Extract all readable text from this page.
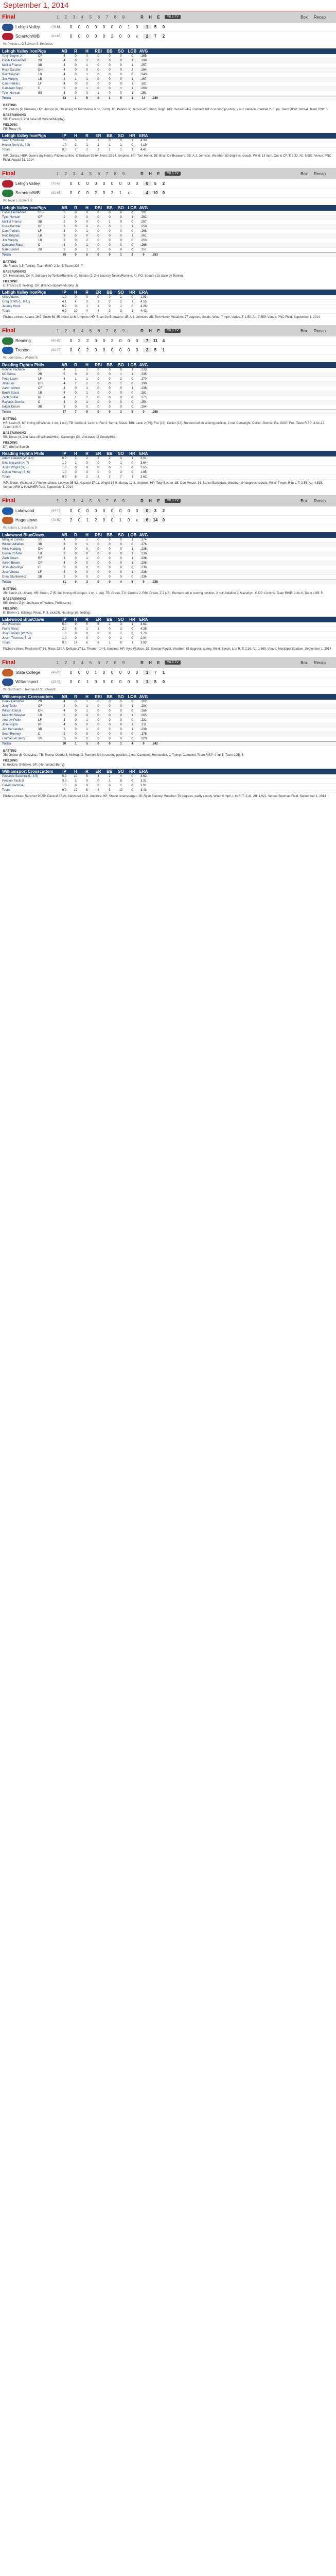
September 1, 2014
Final	1	2	3	4	5	6	7	8	9	R	H	E	MiLB.TV	Box Recap
Lehigh Valley	(76-68)	0	0	0	0	0	0	0	1	0	1	5	0
Scranton/WB	(81-63)	0	0	0	0	0	2	0	0	x	2	7	2
W: Pineda L: O'Sullivan S: Betances
Lehigh Valley IronPigs	AB	R	H	RBI	BB	SO LOB AVG
Tony Gwynn Jr.	CF	4	0	0	0	0	0	0	.265
Cesar Hernandez	2B	4	0	1	0	0	0	1	.290
Maikel Franco	3B	4	0	1	0	0	0	1	.257
Russ Canzler	DH	4	0	0	0	0	0	2	.254
Reid Brignac	1B	4	0	1	0	0	0	0	.243
Jim Murphy	1B	4	1	1	0	0	0	1	.267
Cam Perkins	LF	4	0	0	0	0	0	1	.281
Cameron Rupp	C	3	0	1	0	0	1	1	.260
Tyler Henson	SS	3	0	0	1	0	0	1	.251
Totals	33	1	5	0	1	5	1	14	.249
BATTING
2B: Perkins (9, Burawa). HR: Henson (6, 6th inning off Rumbelow, 0 on, 0 out). TB: Perkins 3; Henson 4; Franco; Rupp. RBI: Henson (45). Runners left in scoring position, 2 out: Henson; Canzler 2; Rupp. Team RISP: 0-for-4. Team LOB: 5
BASERUNNING
SB: Franco (2, 2nd base off Moreno/Murphy).
FIELDING
PB: Rupp (4).
Lehigh Valley IronPigs	IP	H	R	ER	BB	SO	HR ERA
Sean O'Sullivan	7.0	5	1	1	0	0	1	4.30
Hector Neris (L, 4-3)	1.0	2	1	1	1	1	0	4.19
Totals	8.0	7	2	2	1	1	1	4.41
WP: Garcia. HBP: Guerra (by Neris). Pitches-strikes: O'Sullivan 95-64, Neris 23-14. Umpires: HP: Tom Honer. 1B: Brian De Brauwere. 3B: A.J. Johnson. Weather: 82 degrees, clouds. Wind: 13 mph, Out to CF. T: 2:32. Att: 8,582. Venue: PNC Field. August 31, 2014
Final	1	2	3	4	5	6	7	8	9	R	H	E	MiLB.TV	Box Recap
Lehigh Valley	(76-69)	0	0	0	0	0	0	0	0	0	0	5	2
Scranton/WB	(82-63)	0	0	0	2	0	2	1	x	4	10	0
W: Tovar L: Bonetti S:
Lehigh Valley IronPigs	AB	R	H	RBI	BB	SO LOB AVG
Cesar Hernandez	SS	3	0	0	0	0	0	0	.291
Tyler Henson	CF	2	0	0	0	0	0	1	.282
Maikel Franco	3B	2	0	0	0	1	0	0	.257
Russ Canzler	RF	3	0	0	0	0	1	1	.258
Cam Perkins	LF	3	0	1	0	0	0	0	.268
Reid Brignac	1B	3	0	0	0	0	0	1	.261
Jim Murphy	1B	3	0	2	0	0	0	0	.263
Cameron Rupp	C	3	0	1	0	0	0	0	.266
Nate Spears	2B	3	0	1	0	0	0	0	.251
Totals	25	0	5	0	0	1	2	0	.253
BATTING
2B: Franco (15, Tonkin). Team RISP: 2-for-6. Team LOB: 7
BASERUNNING
CS: Hernandez, Ce (4, 3rd base by Tonkin/Romine, A). Spears (2, 2nd base by Tonkin/Romine, A). PO: Spears (1st base by Tonkin).
FIELDING
E: Franco (11 fielding). DP: (Franco-Spears-Murphy, J).
Lehigh Valley IronPigs	IP	H	R	ER	BB	SO	HR ERA
Mike Adams	1.0	0	0	0	0	1	0	1.93
Greg Smith (L, 8-11)	4.1	4	3	3	2	2	1	4.55
Jeremy Horst	0.2	0	1	1	0	1	0	4.26
Totals	6.0	10	4	4	2	3	1	4.42
Pitches-strikes: Adams 16-9, Smith 69-45, Horst 11-6. Umpires: HP: Brian De Brauwere. 1B: A.J. Johnson. 3B: Tom Honer. Weather: 77 degrees, clouds. Wind: 7 mph, Varies. T: 1:50. Att: 7,659. Venue: PNC Field. September 1, 2014
Final	1	2	3	4	5	6	7	8	9	R	H	E	MiLB.TV	Box Recap
Reading	(60-82)	0	2	2	0	0	2	0	0	0	7	11	4
Trenton	(62-79)	0	0	2	0	0	0	0	0	0	2	5	1
W: Lorenzen L: Wiener S:
Reading Fightin Phils	AB	R	H	RBI	BB	SO LOB AVG
Ronnie Pacheco	CF	4	1	1	0	0	0	1	.233
KC Serna	2B	5	0	0	0	0	1	1	.235
Peter Lavin	LF	4	1	1	0	0	2	0	.270
Jake Fox	DH	4	1	2	0	0	1	0	.290
Aaron Altherr	CF	4	0	1	0	0	0	1	.236
Brock Stassi	1B	4	0	1	0	0	0	0	.281
Zach Collier	RF	4	1	2	0	0	0	0	.275
Rayvelis Gomez	C	4	0	1	0	0	0	0	.254
Edgar Duran	3B	3	0	0	0	0	0	0	.254
Totals	37	7	9	0	0	3	5	0	.256
BATTING
HR: Lavin (6, 6th inning off Wiener, 1 on, 1 out). TB: Collier 4; Lavin 4; Fox 2; Serna; Stassi. RBI: Lavin 2 (69); Fox (13); Collier (22). Runners left in scoring position, 2 out: Cartwright; Collier; Gomez, Ra. GIDP: Fox. Team RISP: 3-for-12. Team LOB: 5
BASERUNNING
SB: Duran (8, 2nd base off Wilhardt/Hira); Cartwright (28, 2nd base off Goody/Hira).
FIELDING
DP: (Serna-Stassi).
Reading Fightin Phils	IP	H	R	ER	BB	SO	HR ERA
Adam Loewen (W, 4-4)	6.0	2	2	2	2	3	1	3.01
Nino Nascetti (H, 7)	1.0	1	0	0	0	1	0	3.64
Justin Wright (H, 8)	1.0	0	0	0	0	1	0	1.65
Colton Murray (S, 6)	1.0	0	0	0	0	2	0	1.85
Totals	9.0	5	2	2	2	7	1	3.62
WP: Bleich, Walhardt 2. Pitches-strikes: Loewen 95-62, Nascetti 17-11, Wright 14-9, Murray 12-8. Umpires: HP: Toby Basner. 1B: Dan Merzel. 3B: Lance Barksdale. Weather: 84 degrees, clouds. Wind: 7 mph, R to L. T: 2:56. Att: 4,515. Venue: ARM & HAMMER Park. September 1, 2014
Final	1	2	3	4	5	6	7	8	9	R	H	E	MiLB.TV	Box Recap
Lakewood	(64-73)	0	0	0	0	0	0	0	0	0	0	3	2
Hagerstown	(79-59)	2	0	1	2	0	0	1	0	x	6	14	0
W: Simms L: Sessions S:
Lakewood BlueClaws	AB	R	H	RBI	BB	SO LOB AVG
Malquin Canelo	SS	4	0	1	0	0	0	1	.274
Wilmer Adlafino	3B	3	0	1	0	0	0	0	.276
Willie Harding	DH	4	0	0	0	0	0	1	.236
Dustin Cozens	1B	3	0	0	0	0	0	1	.236
Zach Green	RF	3	0	1	0	0	0	1	.236
Aaron Brown	CF	4	0	0	0	0	0	1	.236
Josh Mazurkyn	C	3	0	0	0	0	0	0	.236
Jose Vineda	LF	3	0	0	0	0	0	1	.236
Drew Stankiewicz	2B	3	0	0	0	0	0	0	.236
Totals	31	0	3	0	0	4	5	0	.236
BATTING
2B: Zanon (4, Ulhart). HR: Green, Z (5, 2nd inning off Cooper, 1 on, 1 out). TB: Green, Z 6; Cozens 2. RBI: Green, Z 2 (18). Runners left in scoring position, 2 out: Adlafino 2; Mazurkyn. GIDP: Cozens. Team RISP: 0-for-6. Team LOB: 5
BASERUNNING
SB: Green, Z (4, 2nd base off Valdes; Phillipsons).
FIELDING
E: Brown (1, fielding), Rivas, F (1, pickoff), Harding (10, fielding).
Lakewood BlueClaws	IP	H	R	ER	BB	SO	HR ERA
Jon Prosinski	5.0	9	5	5	1	3	1	3.62
Frank Rivas	2.0	5	1	1	0	2	0	4.38
Joey DeNato (W, 2-3)	1.0	0	0	0	0	1	0	2.76
Jesen Therrien (S, 2)	1.0	0	0	0	0	2	0	2.94
Totals	8.0	14	6	6	1	8	1	3.93
Pitches-strikes: Prosinski 87-56, Rivas 22-14, DeNato 17-11, Therrien 14-9. Umpires: HP: Kyle Wallace. 1B: George Riedel. Weather: 81 degrees, sunny. Wind: 3 mph, L to R. T: 2:16. Att: 1,369. Venue: Municipal Stadium. September 1, 2014
Final	1	2	3	4	5	6	7	8	9	R	H	E	MiLB.TV	Box Recap
State College	(46-26)	0	0	0	1	0	0	0	0	0	1	7	1
Williamsport	(29-43)	0	0	1	0	0	0	0	0	0	1	5	0
W: Gonzalez L: Rodriguez S: Schwarz
Williamsport Crosscutters	AB	R	H	RBI	BB	SO LOB AVG
Derek Campbell	2B	4	0	1	0	0	0	0	.262
Joey Tobin	CF	4	0	1	0	0	0	1	.234
Wilson Garcia	DH	4	0	1	0	0	0	0	.266
Malcolm Wasper	1B	3	0	0	0	0	0	1	.265
Andrew Pullin	LF	3	0	1	0	0	0	0	.231
Jose Pujols	RF	4	0	0	0	0	0	1	.211
Jan Hernandez	3B	3	0	1	0	0	0	1	.239
Sean Rooney	C	2	0	0	0	0	0	0	.175
Emmanuel Berry	SS	3	0	0	0	0	0	0	.220
Totals	30	1	5	0	0	1	4	0	.242
BATTING
2B: Oberto (6, Gonzalez). TB: Trump; Oberto 3; McHugh 2. Runners left in scoring position, 2 out: Campbell; Hernandez, J; Trump; Campbell. Team RISP: 0-for-5. Team LOB: 5
FIELDING
E: Hoskins (9 throw). DP: (Hernandez-Berry).
Williamsport Crosscutters	IP	H	R	ER	BB	SO	HR ERA
Pediardo Sanchez (L, 3-5)	5.0	10	5	4	2	4	0	3.62
Preston Packrat	3.0	2	0	0	1	5	0	3.31
Calvin Nachoski	1.0	0	0	0	0	1	0	2.91
Totals	9.0	12	5	4	3	10	0	3.43
Pitches-strikes: Sanchez 90-59, Packrat 37-24, Nachoski 12-8. Umpires: HP: Shane Livensparger. 1B: Ryan Blakney. Weather: 76 degrees, partly cloudy. Wind: 6 mph, L to R. T: 2:41. Att: 1,921. Venue: Bowman Field. September 1, 2014
